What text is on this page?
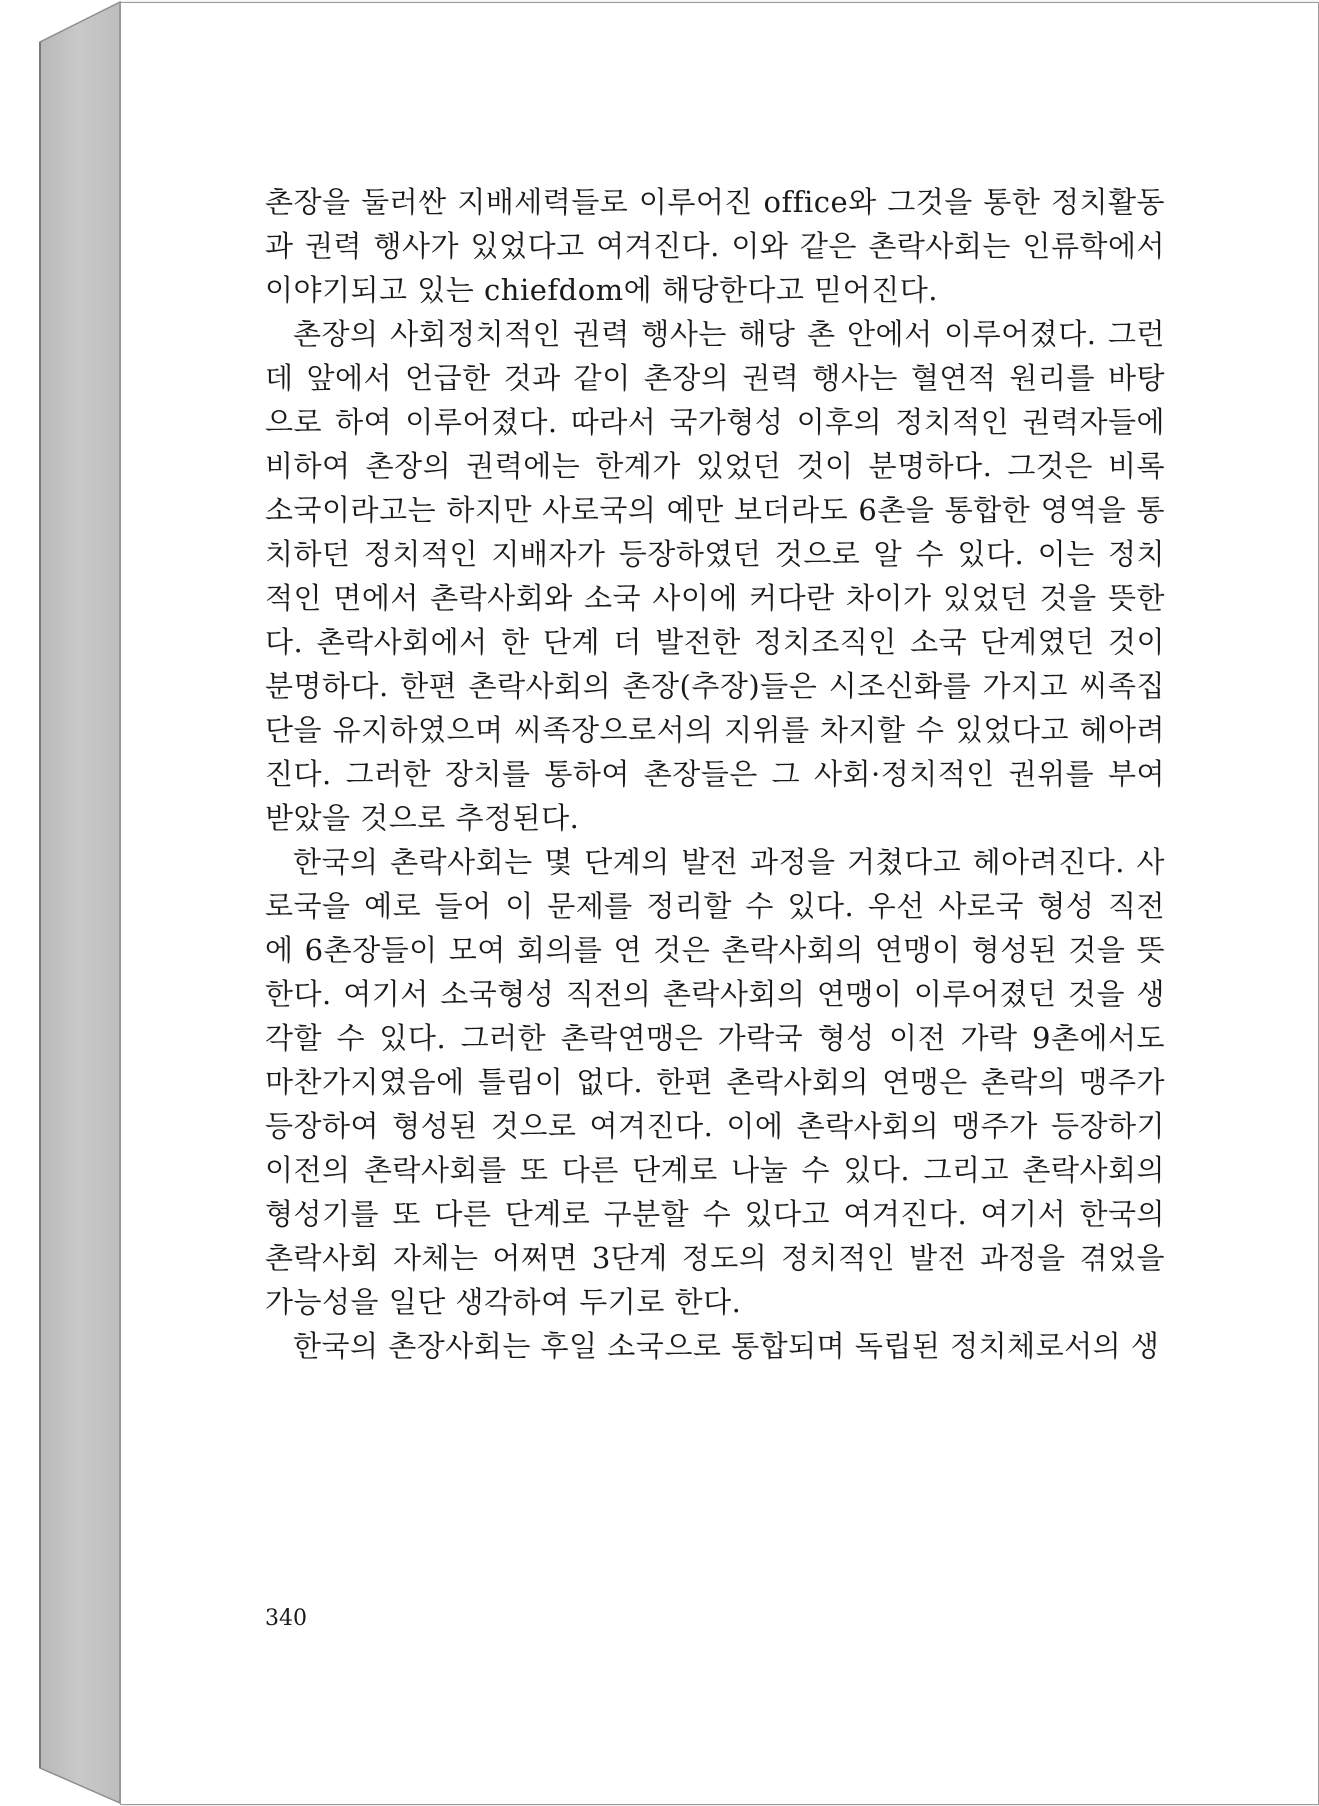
촌장을 둘러싼 지배세력들로 이루어진 office와 그것을 통한 정치활동
과 권력 행사가 있었다고 여겨진다. 이와 같은 촌락사회는 인류학에서
이야기되고 있는 chiefdom에 해당한다고 믿어진다.
촌장의 사회정치적인 권력 행사는 해당 촌 안에서 이루어졌다. 그런
데 앞에서 언급한 것과 같이 촌장의 권력 행사는 혈연적 원리를 바탕
으로 하여 이루어졌다. 따라서 국가형성 이후의 정치적인 권력자들에
비하여 촌장의 권력에는 한계가 있었던 것이 분명하다. 그것은 비록
소국이라고는 하지만 사로국의 예만 보더라도 6촌을 통합한 영역을 통
치하던 정치적인 지배자가 등장하였던 것으로 알 수 있다. 이는 정치
적인 면에서 촌락사회와 소국 사이에 커다란 차이가 있었던 것을 뜻한
다. 촌락사회에서 한 단계 더 발전한 정치조직인 소국 단계였던 것이
분명하다. 한편 촌락사회의 촌장(추장)들은 시조신화를 가지고 씨족집
단을 유지하였으며 씨족장으로서의 지위를 차지할 수 있었다고 헤아려
진다. 그러한 장치를 통하여 촌장들은 그 사회·정치적인 권위를 부여
받았을 것으로 추정된다.
한국의 촌락사회는 몇 단계의 발전 과정을 거쳤다고 헤아려진다. 사
로국을 예로 들어 이 문제를 정리할 수 있다. 우선 사로국 형성 직전
에 6촌장들이 모여 회의를 연 것은 촌락사회의 연맹이 형성된 것을 뜻
한다. 여기서 소국형성 직전의 촌락사회의 연맹이 이루어졌던 것을 생
각할 수 있다. 그러한 촌락연맹은 가락국 형성 이전 가락 9촌에서도
마찬가지였음에 틀림이 없다. 한편 촌락사회의 연맹은 촌락의 맹주가
등장하여 형성된 것으로 여겨진다. 이에 촌락사회의 맹주가 등장하기
이전의 촌락사회를 또 다른 단계로 나눌 수 있다. 그리고 촌락사회의
형성기를 또 다른 단계로 구분할 수 있다고 여겨진다. 여기서 한국의
촌락사회 자체는 어쩌면 3단계 정도의 정치적인 발전 과정을 겪었을
가능성을 일단 생각하여 두기로 한다.
한국의 촌장사회는 후일 소국으로 통합되며 독립된 정치체로서의 생
340
